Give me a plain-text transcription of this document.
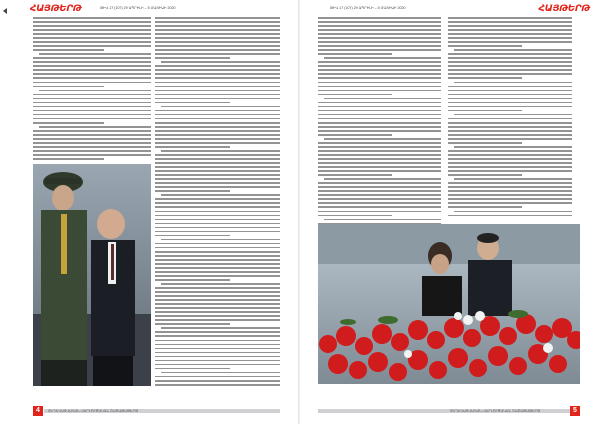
ՀԱՅԹԵՐԹ	ԹԻՎ 17 (107) 29 ԱՊՐԻԼԻ – 5 ՄԱՅԻՍԻ 2020
4	ՏԵՂԵԿԱՏՎԱԿԱՆ-ՎԵՐԼՈՒԾԱԿԱՆ ՇԱԲԱԹԱԹԵՐԹ
ԹԻՎ 17 (107) 29 ԱՊՐԻԼԻ – 5 ՄԱՅԻՍԻ 2020	ՀԱՅԹԵՐԹ
ՏԵՂԵԿԱՏՎԱԿԱՆ-ՎԵՐԼՈՒԾԱԿԱՆ ՇԱԲԱԹԱԹԵՐԹ	5
